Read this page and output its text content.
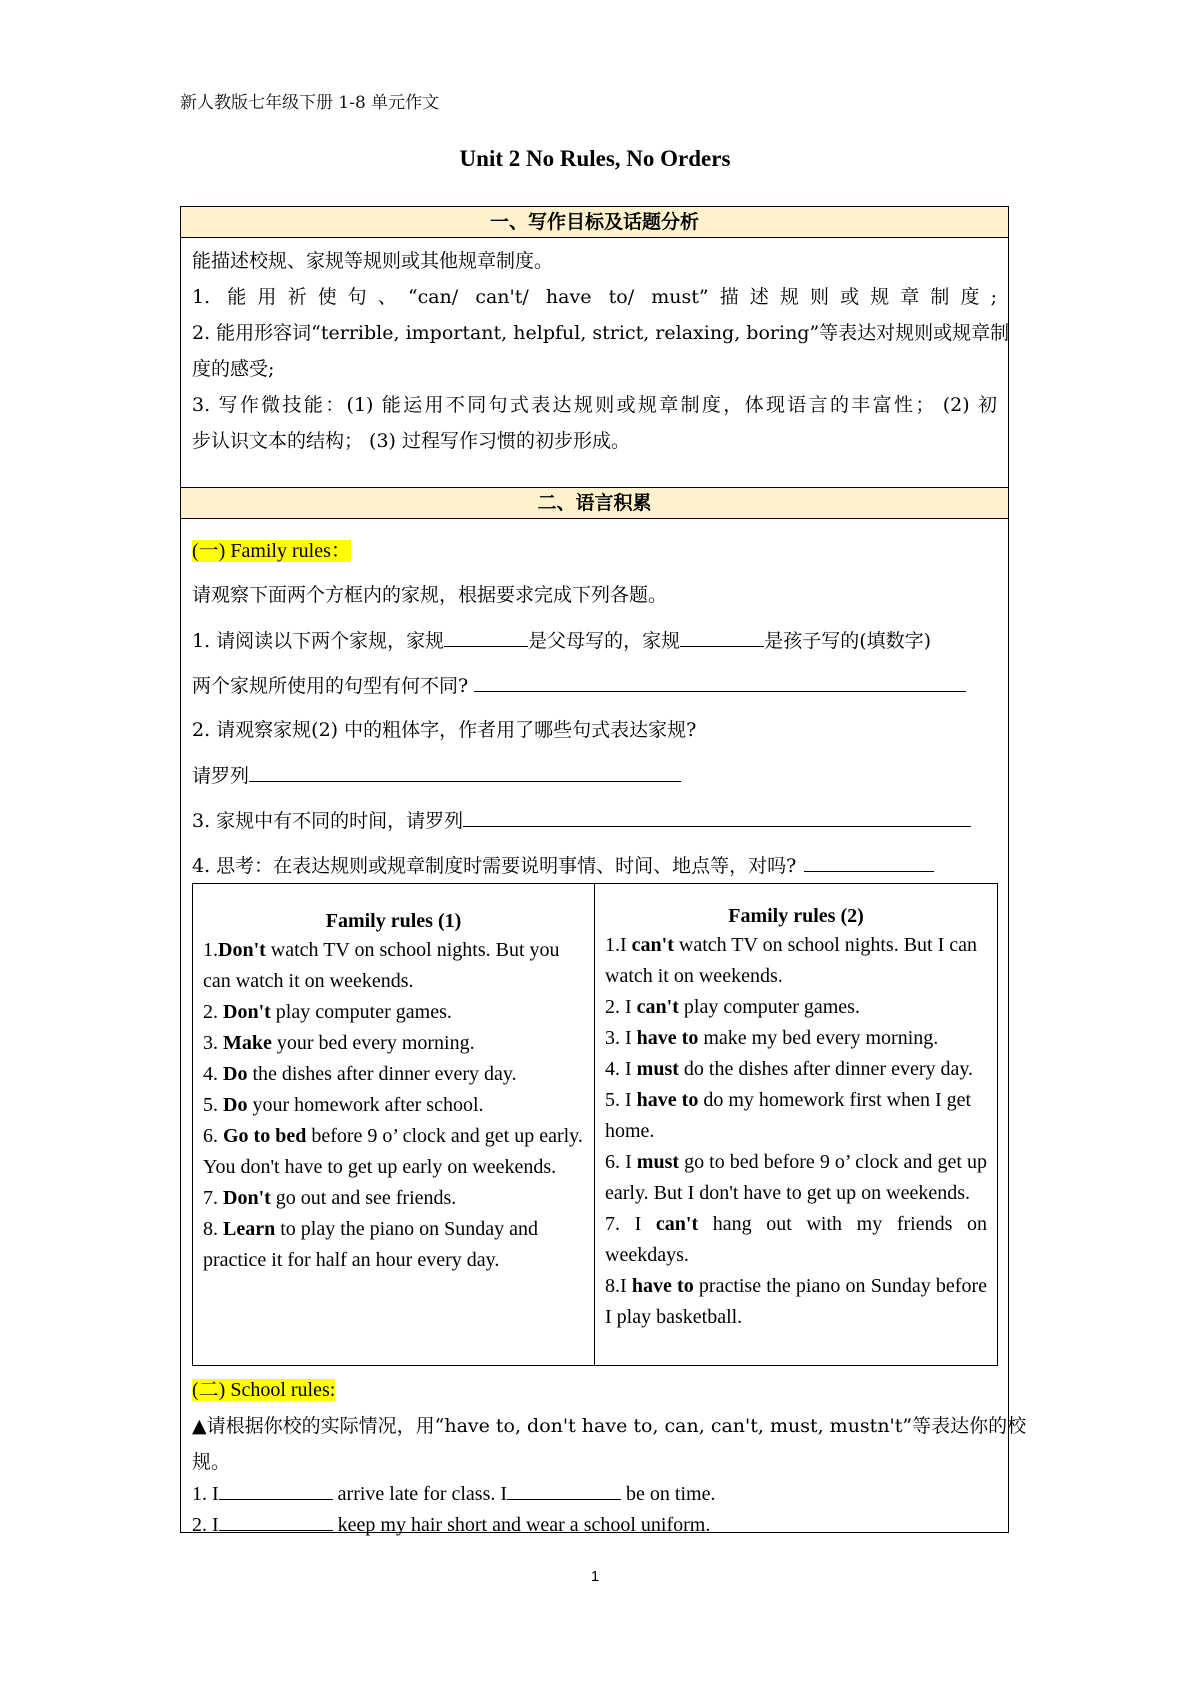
新人教版七年级下册 1-8 单元作文
Unit 2 No Rules, No Orders
一、写作目标及话题分析
能描述校规、家规等规则或其他规章制度。
1. 能用祈使句、“can/ can't/ have to/ must”描述规则或规章制度;
2. 能用形容词“terrible, important, helpful, strict, relaxing, boring”等表达对规则或规章制
度的感受;
3. 写作微技能：(1) 能运用不同句式表达规则或规章制度，体现语言的丰富性； (2) 初
步认识文本的结构； (3) 过程写作习惯的初步形成。
二、语言积累
(一) Family rules：
请观察下面两个方框内的家规，根据要求完成下列各题。
1. 请阅读以下两个家规，家规	是父母写的，家规	是孩子写的(填数字)
两个家规所使用的句型有何不同?
2. 请观察家规(2) 中的粗体字，作者用了哪些句式表达家规?
请罗列
3. 家规中有不同的时间，请罗列
4. 思考：在表达规则或规章制度时需要说明事情、时间、地点等，对吗?
Family rules (1)

1.Don't watch TV on school nights. But you can watch it on weekends.

2. Don't play computer games.

3. Make your bed every morning.

4. Do the dishes after dinner every day.

5. Do your homework after school.

6. Go to bed before 9 o’ clock and get up early. You don't have to get up early on weekends.

7. Don't go out and see friends.

8. Learn to play the piano on Sunday and practice it for half an hour every day.

Family rules (2)

1.I can't watch TV on school nights. But I can watch it on weekends.

2. I can't play computer games.

3. I have to make my bed every morning.

4. I must do the dishes after dinner every day.

5. I have to do my homework first when I get home.

6. I must go to bed before 9 o’ clock and get up early. But I don't have to get up on weekends.

7. I can't hang out with my friends on weekdays.

8.I have to practise the piano on Sunday before I play basketball.

(二) School rules:
▲请根据你校的实际情况，用“have to, don't have to, can, can't, must, mustn't”等表达你的校
规。
1. I	arrive late for class. I	be on time.
2. I	keep my hair short and wear a school uniform.
1
